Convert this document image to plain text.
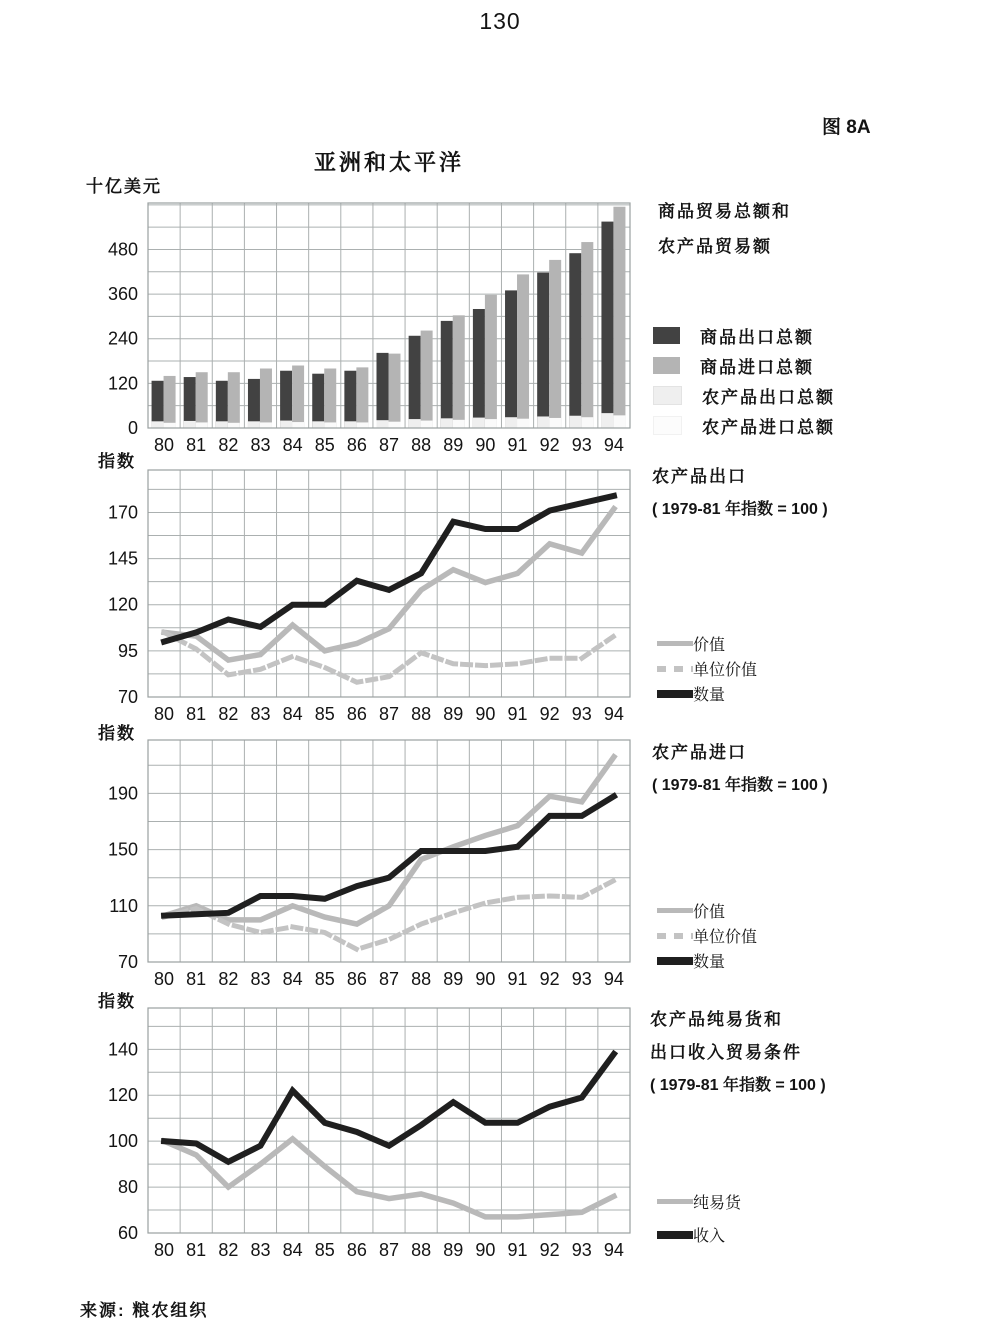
130
图 8A
亚洲和太平洋
十亿美元
0
120
240
360
480
80 81 82 83 84 85 86 87 88 89 90 91 92 93 94
商品贸易总额和
农产品贸易额
商品出口总额
商品进口总额
农产品出口总额
农产品进口总额
指数
70
95
120
145
170
80 81 82 83 84 85 86 87 88 89 90 91 92 93 94
农产品出口
( 1979-81 年指数 = 100 )
价值
单位价值
数量
指数
70
110
150
190
80 81 82 83 84 85 86 87 88 89 90 91 92 93 94
农产品进口
( 1979-81 年指数 = 100 )
价值
单位价值
数量
指数
60
80
100
120
140
80 81 82 83 84 85 86 87 88 89 90 91 92 93 94
农产品纯易货和
出口收入贸易条件
( 1979-81 年指数 = 100 )
纯易货
收入
来源: 粮农组织
